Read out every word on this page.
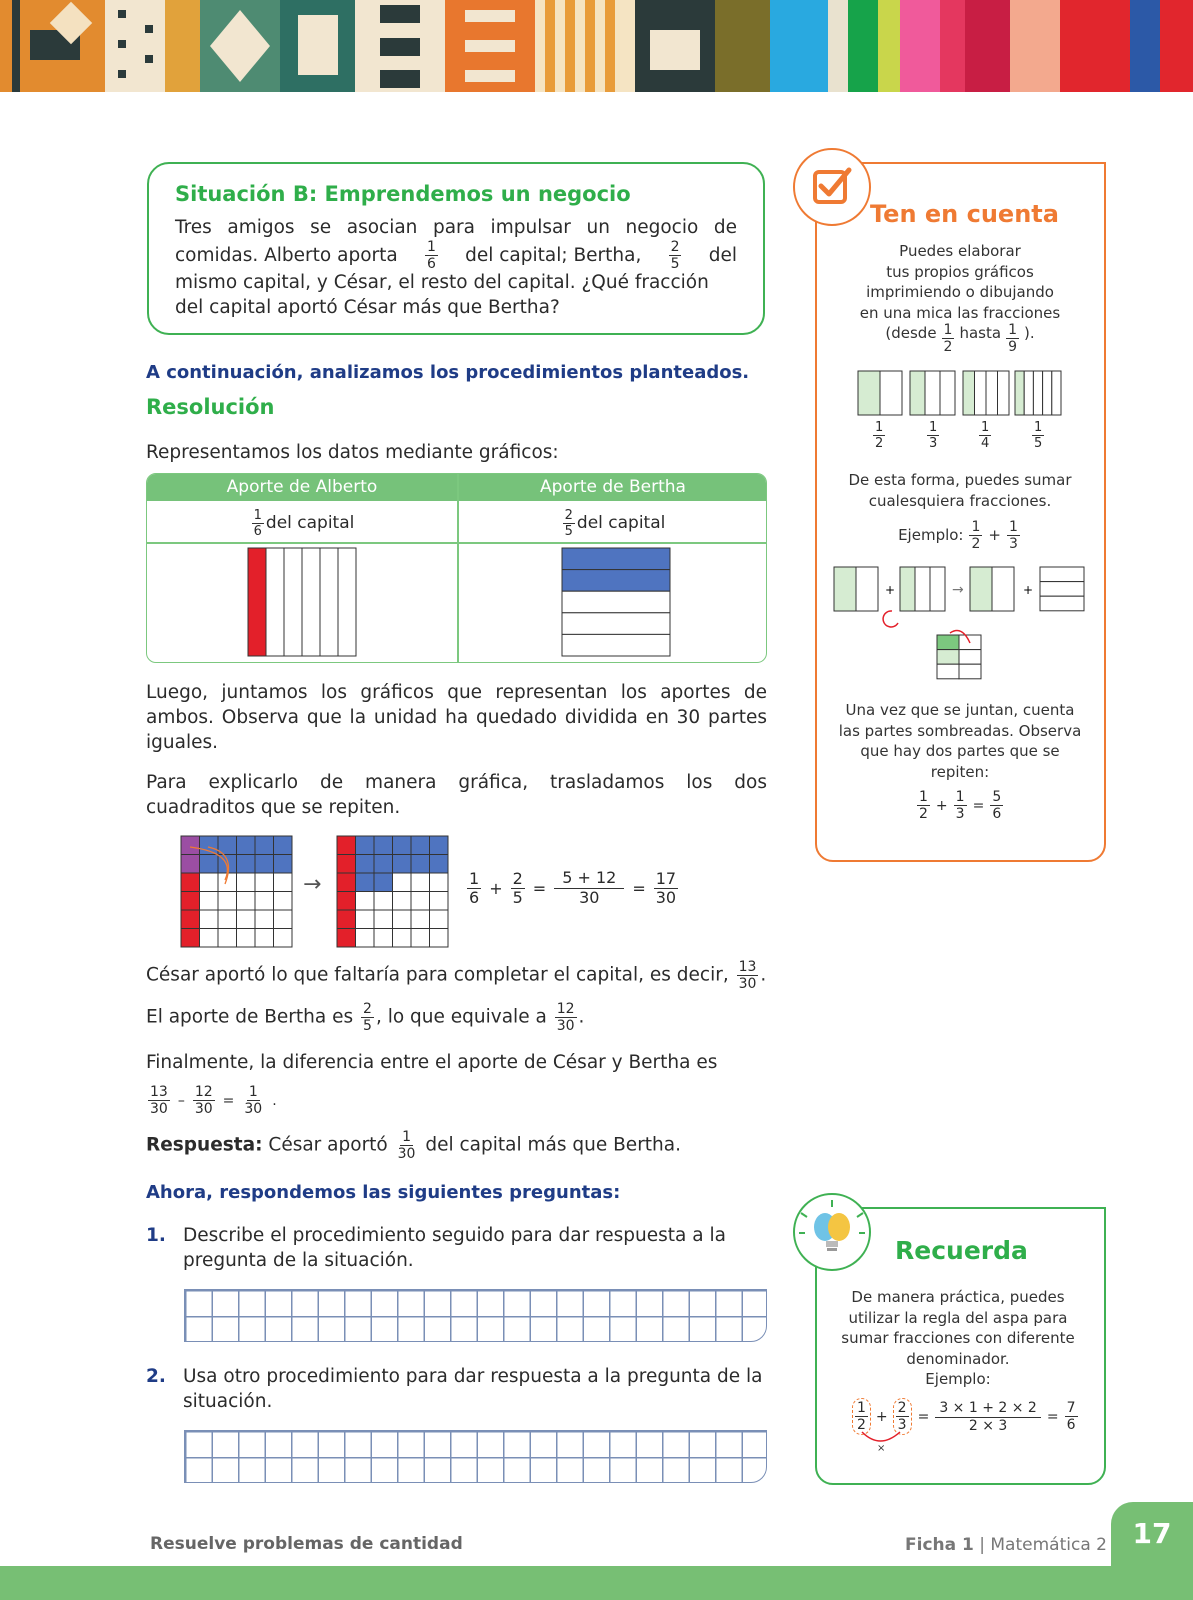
Situación B: Emprendemos un negocio
Tres amigos se asocian para impulsar un negocio de
comidas. Alberto aporta $\frac{1}{6}$ del capital; Bertha, $\frac{2}{5}$ del
mismo capital, y César, el resto del capital. ¿Qué fracción
del capital aportó César más que Bertha?
A continuación, analizamos los procedimientos planteados.
Resolución
Representamos los datos mediante gráficos:
Aporte de Alberto	Aporte de Bertha
$\frac{1}{6}$ del capital	$\frac{2}{5}$ del capital
Luego, juntamos los gráficos que representan los aportes de ambos. Observa que la unidad ha quedado dividida en 30 partes iguales.
Para explicarlo de manera gráfica, trasladamos los dos cuadraditos que se repiten.
→	$\frac{1}{6} + \frac{2}{5} = \frac{5 + 12}{30} = \frac{17}{30}$
César aportó lo que faltaría para completar el capital, es decir, $\frac{13}{30}$ .
El aporte de Bertha es $\frac{2}{5}$ , lo que equivale a $\frac{12}{30}$ .
Finalmente, la diferencia entre el aporte de César y Bertha es
$\frac{13}{30} - \frac{12}{30} = \frac{1}{30}$ .
Respuesta: César aportó $\frac{1}{30}$ del capital más que Bertha.
Ahora, respondemos las siguientes preguntas:
1. Describe el procedimiento seguido para dar respuesta a la pregunta de la situación.
2. Usa otro procedimiento para dar respuesta a la pregunta de la situación.
Ten en cuenta
Puedes elaborar
tus propios gráficos
imprimiendo o dibujando
en una mica las fracciones
(desde $\frac{1}{2}$ hasta $\frac{1}{9}$ ).
$\frac{1}{2}$	$\frac{1}{3}$	$\frac{1}{4}$	$\frac{1}{5}$
De esta forma, puedes sumar cualesquiera fracciones.
Ejemplo: $\frac{1}{2} + \frac{1}{3}$
+	→	+
Una vez que se juntan, cuenta las partes sombreadas. Observa que hay dos partes que se repiten:
$\frac{1}{2} + \frac{1}{3} = \frac{5}{6}$
Recuerda
De manera práctica, puedes utilizar la regla del aspa para sumar fracciones con diferente denominador.
Ejemplo:
$\frac{1}{2} + \frac{2}{3} = \frac{3 \times 1 + 2 \times 2}{2 \times 3} = \frac{7}{6}$
×
17
Resuelve problemas de cantidad	Ficha 1 | Matemática 2
